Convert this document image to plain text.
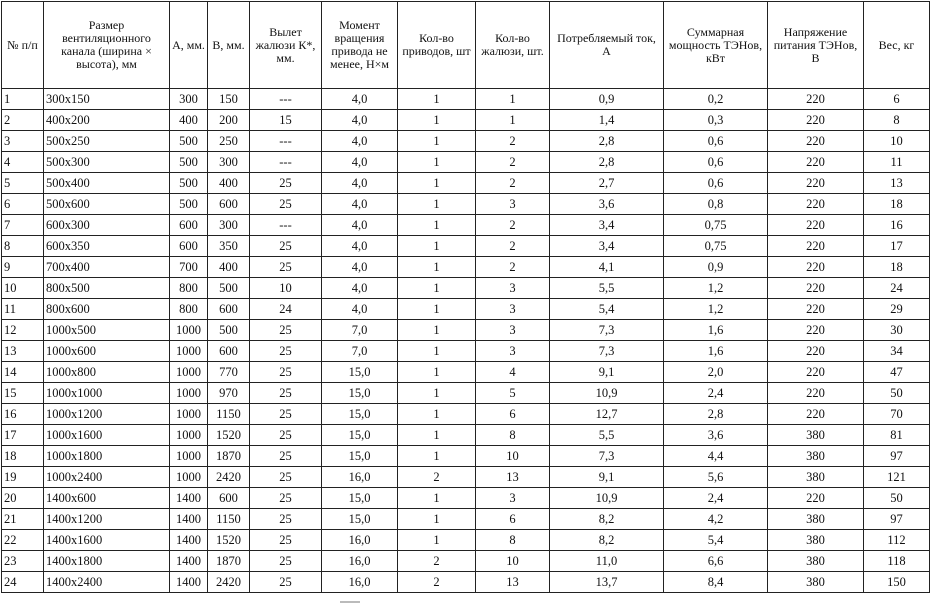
№ п/п	Размер вентиляционного канала (ширина × высота), мм	А, мм.	В, мм.	Вылет жалюзи К*, мм.	Момент вращения привода не менее, Н×м	Кол-во приводов, шт	Кол-во жалюзи, шт.	Потребляемый ток, А	Суммарная мощность ТЭНов, кВт	Напряжение питания ТЭНов, В	Вес, кг
1	300x150	300	150	---	4,0	1	1	0,9	0,2	220	6
2	400x200	400	200	15	4,0	1	1	1,4	0,3	220	8
3	500x250	500	250	---	4,0	1	2	2,8	0,6	220	10
4	500x300	500	300	---	4,0	1	2	2,8	0,6	220	11
5	500x400	500	400	25	4,0	1	2	2,7	0,6	220	13
6	500x600	500	600	25	4,0	1	3	3,6	0,8	220	18
7	600x300	600	300	---	4,0	1	2	3,4	0,75	220	16
8	600x350	600	350	25	4,0	1	2	3,4	0,75	220	17
9	700x400	700	400	25	4,0	1	2	4,1	0,9	220	18
10	800x500	800	500	10	4,0	1	3	5,5	1,2	220	24
11	800x600	800	600	24	4,0	1	3	5,4	1,2	220	29
12	1000x500	1000	500	25	7,0	1	3	7,3	1,6	220	30
13	1000x600	1000	600	25	7,0	1	3	7,3	1,6	220	34
14	1000x800	1000	770	25	15,0	1	4	9,1	2,0	220	47
15	1000x1000	1000	970	25	15,0	1	5	10,9	2,4	220	50
16	1000x1200	1000	1150	25	15,0	1	6	12,7	2,8	220	70
17	1000x1600	1000	1520	25	15,0	1	8	5,5	3,6	380	81
18	1000x1800	1000	1870	25	15,0	1	10	7,3	4,4	380	97
19	1000x2400	1000	2420	25	16,0	2	13	9,1	5,6	380	121
20	1400x600	1400	600	25	15,0	1	3	10,9	2,4	220	50
21	1400x1200	1400	1150	25	15,0	1	6	8,2	4,2	380	97
22	1400x1600	1400	1520	25	16,0	1	8	8,2	5,4	380	112
23	1400x1800	1400	1870	25	16,0	2	10	11,0	6,6	380	118
24	1400x2400	1400	2420	25	16,0	2	13	13,7	8,4	380	150
